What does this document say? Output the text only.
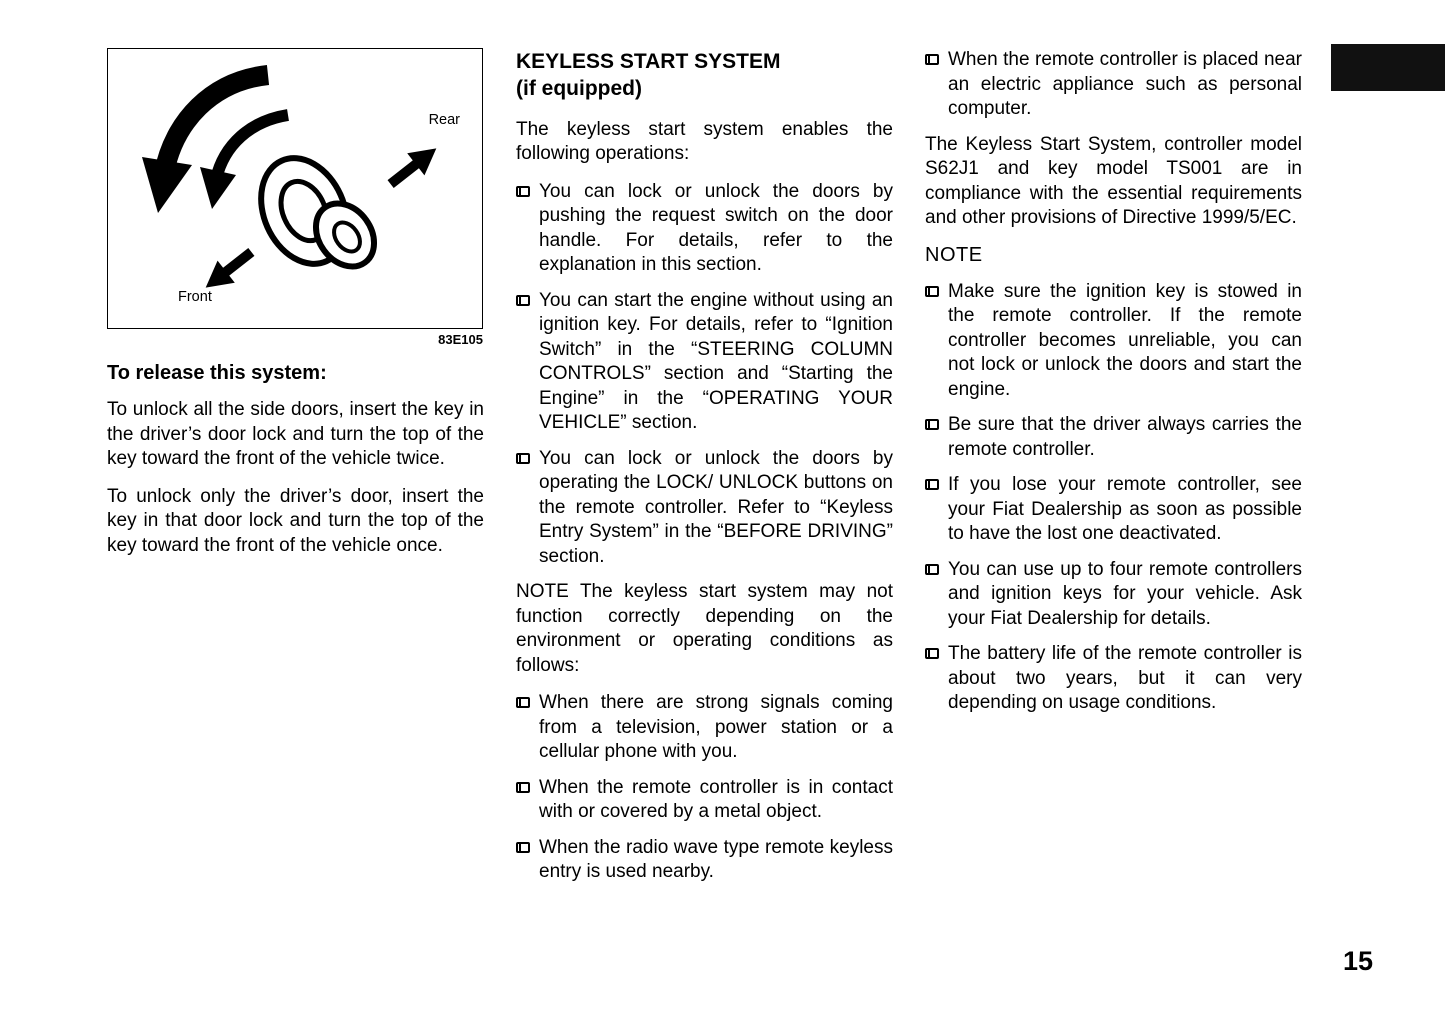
Rear
Front
83E105
To release this system:

To unlock all the side doors, insert the key in the driver’s door lock and turn the top of the key toward the front of the vehicle twice.

To unlock only the driver’s door, insert the key in that door lock and turn the top of the key toward the front of the vehicle once.

KEYLESS START SYSTEM
(if equipped)

The keyless start system enables the following operations:

You can lock or unlock the doors by pushing the request switch on the door handle. For details, refer to the explanation in this section.

You can start the engine without using an ignition key. For details, refer to “Ignition Switch” in the “STEERING COLUMN CONTROLS” section and “Starting the Engine” in the “OPERATING YOUR VEHICLE” section.

You can lock or unlock the doors by operating the LOCK/ UNLOCK buttons on the remote controller. Refer to “Keyless Entry System” in the “BEFORE DRIVING” section.

NOTE The keyless start system may not function correctly depending on the environment or operating conditions as follows:

When there are strong signals coming from a television, power station or a cellular phone with you.

When the remote controller is in contact with or covered by a metal object.

When the radio wave type remote keyless entry is used nearby.

When the remote controller is placed near an electric appliance such as personal computer.

The Keyless Start System, controller model S62J1 and key model TS001 are in compliance with the essential requirements and other provisions of Directive 1999/5/EC.

NOTE

Make sure the ignition key is stowed in the remote controller. If the remote controller becomes unreliable, you can not lock or unlock the doors and start the engine.

Be sure that the driver always carries the remote controller.

If you lose your remote controller, see your Fiat Dealership as soon as possible to have the lost one deactivated.

You can use up to four remote controllers and ignition keys for your vehicle. Ask your Fiat Dealership for details.

The battery life of the remote controller is about two years, but it can very depending on usage conditions.

15
